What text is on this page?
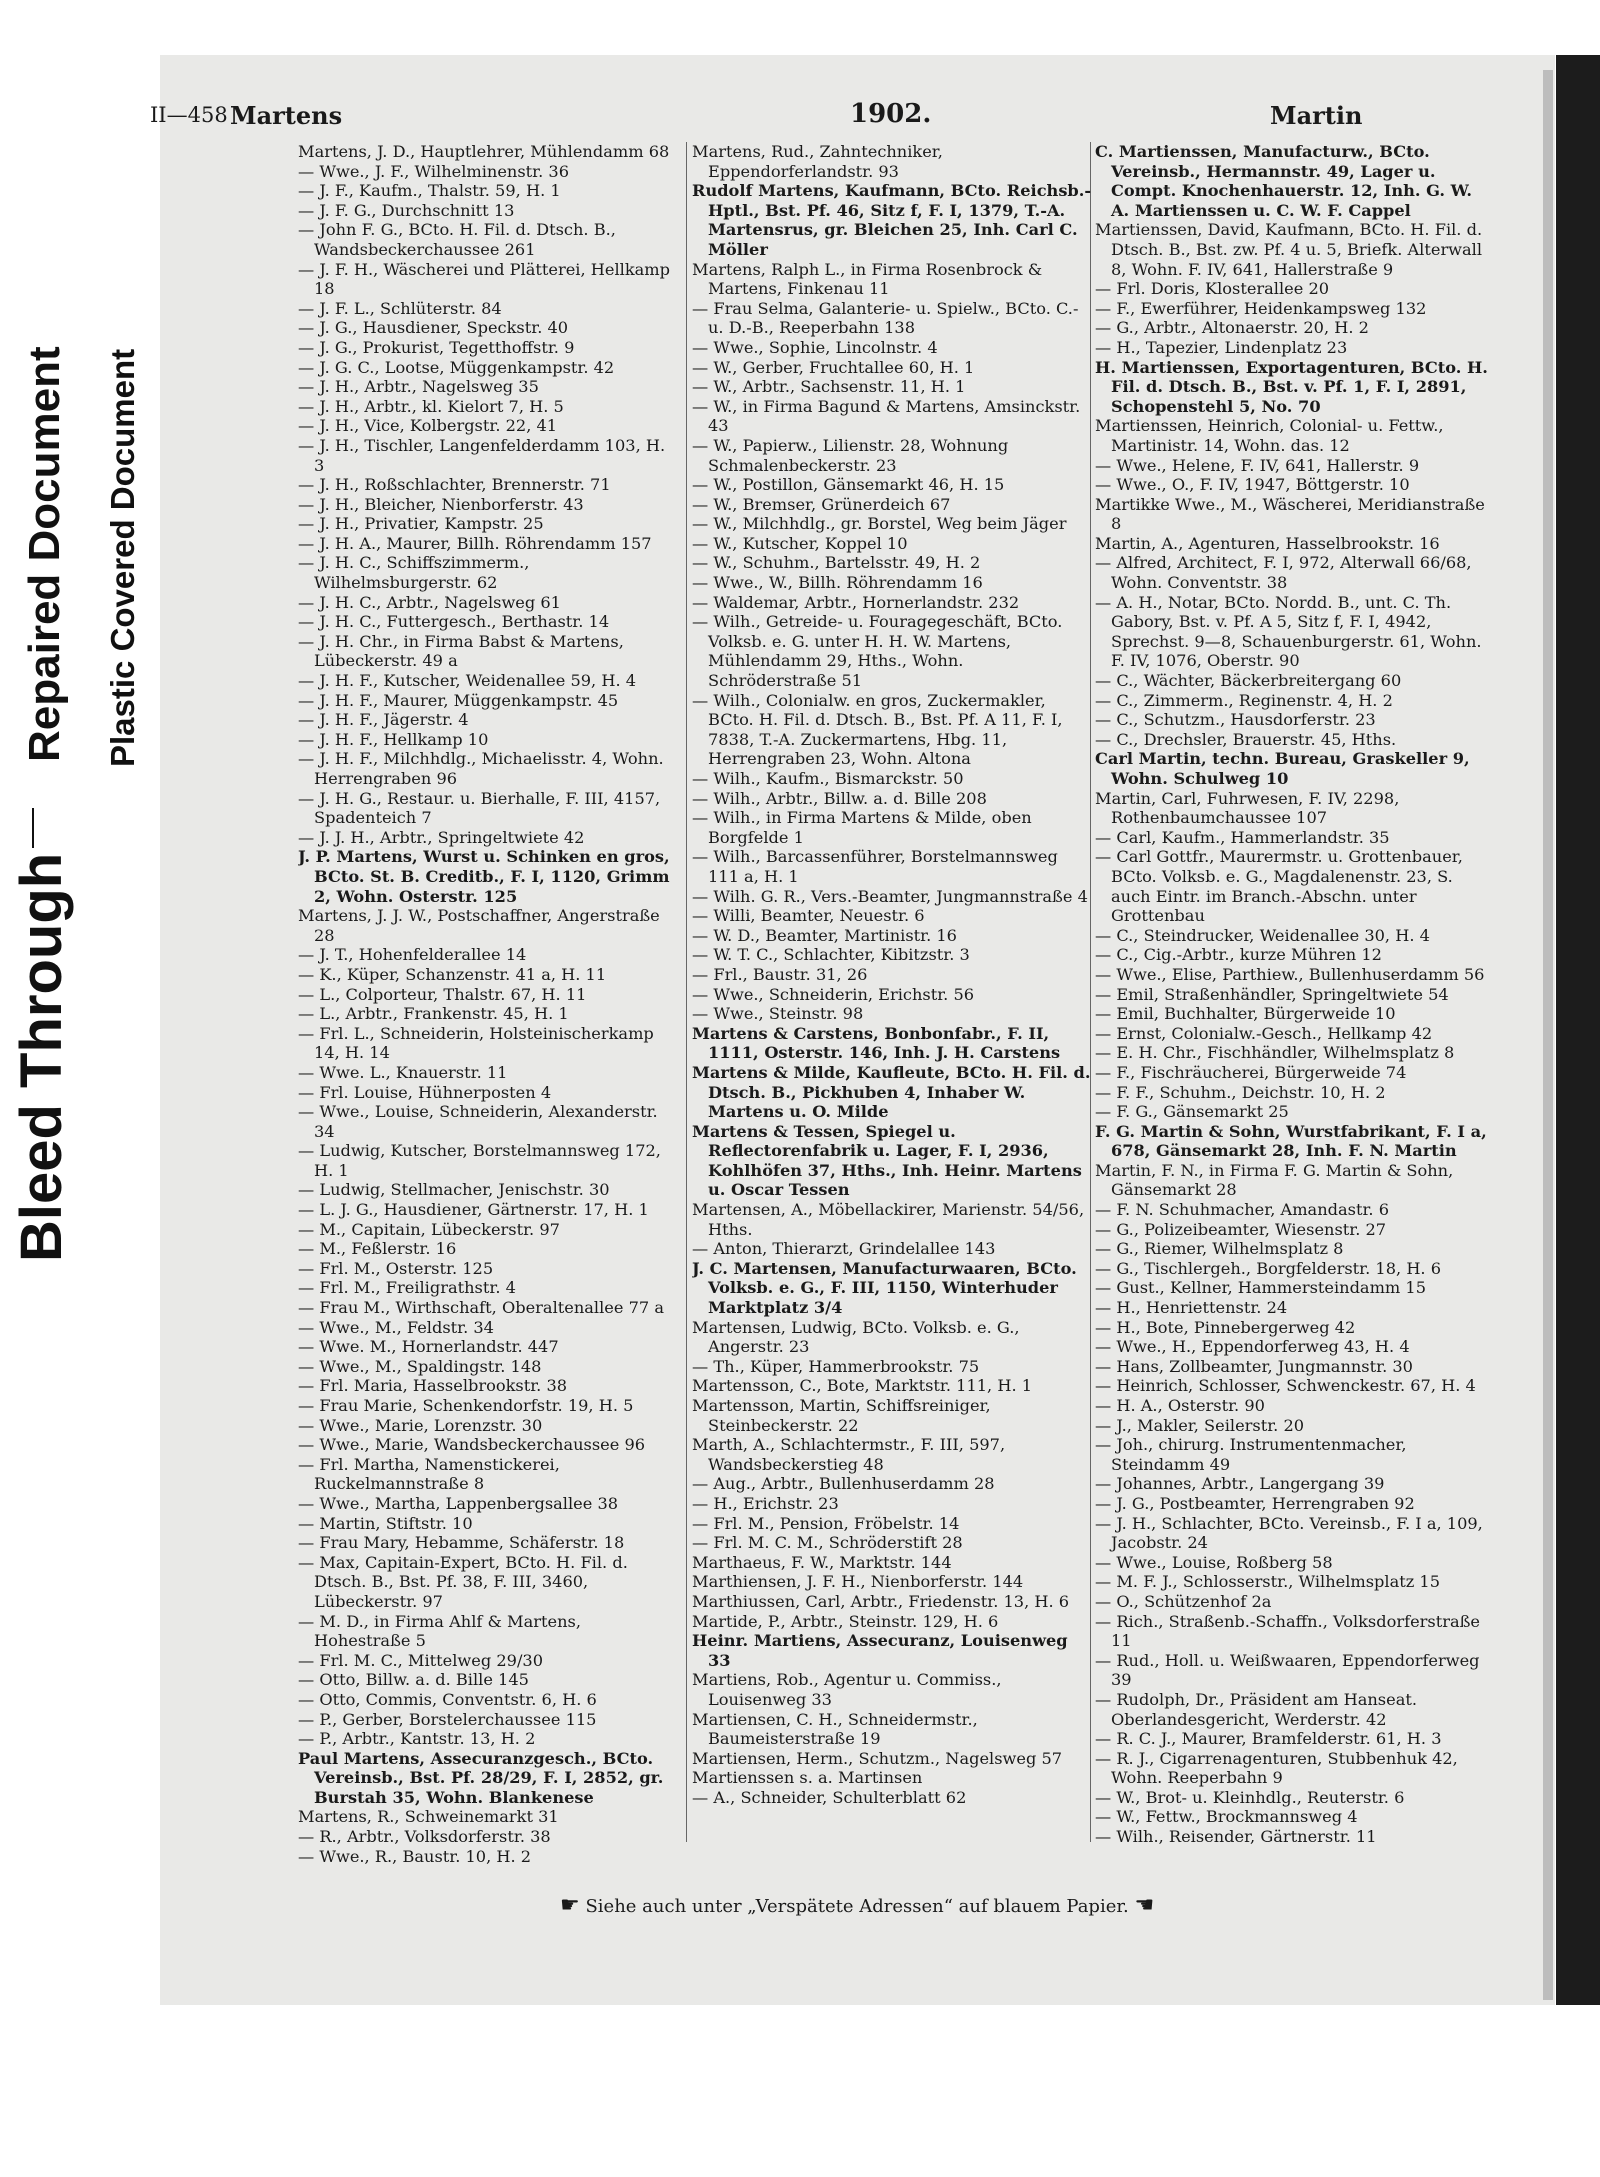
Bleed Through
Repaired Document Plastic Covered Document
II—458 Martens	1902.	Martin

Martens, J. D., Hauptlehrer, Mühlendamm 68

— Wwe., J. F., Wilhelminenstr. 36

— J. F., Kaufm., Thalstr. 59, H. 1

— J. F. G., Durchschnitt 13

— John F. G., BCto. H. Fil. d. Dtsch. B., Wandsbeckerchaussee 261

— J. F. H., Wäscherei und Plätterei, Hellkamp 18

— J. F. L., Schlüterstr. 84

— J. G., Hausdiener, Speckstr. 40

— J. G., Prokurist, Tegetthoffstr. 9

— J. G. C., Lootse, Müggenkampstr. 42

— J. H., Arbtr., Nagelsweg 35

— J. H., Arbtr., kl. Kielort 7, H. 5

— J. H., Vice, Kolbergstr. 22, 41

— J. H., Tischler, Langenfelderdamm 103, H. 3

— J. H., Roßschlachter, Brennerstr. 71

— J. H., Bleicher, Nienborferstr. 43

— J. H., Privatier, Kampstr. 25

— J. H. A., Maurer, Billh. Röhrendamm 157

— J. H. C., Schiffszimmerm., Wilhelmsburgerstr. 62

— J. H. C., Arbtr., Nagelsweg 61

— J. H. C., Futtergesch., Berthastr. 14

— J. H. Chr., in Firma Babst & Martens, Lübeckerstr. 49 a

— J. H. F., Kutscher, Weidenallee 59, H. 4

— J. H. F., Maurer, Müggenkampstr. 45

— J. H. F., Jägerstr. 4

— J. H. F., Hellkamp 10

— J. H. F., Milchhdlg., Michaelisstr. 4, Wohn. Herrengraben 96

— J. H. G., Restaur. u. Bierhalle, F. III, 4157, Spadenteich 7

— J. J. H., Arbtr., Springeltwiete 42

J. P. Martens, Wurst u. Schinken en gros, BCto. St. B. Creditb., F. I, 1120, Grimm 2, Wohn. Osterstr. 125

Martens, J. J. W., Postschaffner, Angerstraße 28

— J. T., Hohenfelderallee 14

— K., Küper, Schanzenstr. 41 a, H. 11

— L., Colporteur, Thalstr. 67, H. 11

— L., Arbtr., Frankenstr. 45, H. 1

— Frl. L., Schneiderin, Holsteinischerkamp 14, H. 14

— Wwe. L., Knauerstr. 11

— Frl. Louise, Hühnerposten 4

— Wwe., Louise, Schneiderin, Alexanderstr. 34

— Ludwig, Kutscher, Borstelmannsweg 172, H. 1

— Ludwig, Stellmacher, Jenischstr. 30

— L. J. G., Hausdiener, Gärtnerstr. 17, H. 1

— M., Capitain, Lübeckerstr. 97

— M., Feßlerstr. 16

— Frl. M., Osterstr. 125

— Frl. M., Freiligrathstr. 4

— Frau M., Wirthschaft, Oberaltenallee 77 a

— Wwe., M., Feldstr. 34

— Wwe. M., Hornerlandstr. 447

— Wwe., M., Spaldingstr. 148

— Frl. Maria, Hasselbrookstr. 38

— Frau Marie, Schenkendorfstr. 19, H. 5

— Wwe., Marie, Lorenzstr. 30

— Wwe., Marie, Wandsbeckerchaussee 96

— Frl. Martha, Namenstickerei, Ruckelmannstraße 8

— Wwe., Martha, Lappenbergsallee 38

— Martin, Stiftstr. 10

— Frau Mary, Hebamme, Schäferstr. 18

— Max, Capitain-Expert, BCto. H. Fil. d. Dtsch. B., Bst. Pf. 38, F. III, 3460, Lübeckerstr. 97

— M. D., in Firma Ahlf & Martens, Hohestraße 5

— Frl. M. C., Mittelweg 29/30

— Otto, Billw. a. d. Bille 145

— Otto, Commis, Conventstr. 6, H. 6

— P., Gerber, Borstelerchaussee 115

— P., Arbtr., Kantstr. 13, H. 2

Paul Martens, Assecuranzgesch., BCto. Vereinsb., Bst. Pf. 28/29, F. I, 2852, gr. Burstah 35, Wohn. Blankenese

Martens, R., Schweinemarkt 31

— R., Arbtr., Volksdorferstr. 38

— Wwe., R., Baustr. 10, H. 2

Martens, Rud., Zahntechniker, Eppendorferlandstr. 93

Rudolf Martens, Kaufmann, BCto. Reichsb.-Hptl., Bst. Pf. 46, Sitz f, F. I, 1379, T.-A. Martensrus, gr. Bleichen 25, Inh. Carl C. Möller

Martens, Ralph L., in Firma Rosenbrock & Martens, Finkenau 11

— Frau Selma, Galanterie- u. Spielw., BCto. C.- u. D.-B., Reeperbahn 138

— Wwe., Sophie, Lincolnstr. 4

— W., Gerber, Fruchtallee 60, H. 1

— W., Arbtr., Sachsenstr. 11, H. 1

— W., in Firma Bagund & Martens, Amsinckstr. 43

— W., Papierw., Lilienstr. 28, Wohnung Schmalenbeckerstr. 23

— W., Postillon, Gänsemarkt 46, H. 15

— W., Bremser, Grünerdeich 67

— W., Milchhdlg., gr. Borstel, Weg beim Jäger

— W., Kutscher, Koppel 10

— W., Schuhm., Bartelsstr. 49, H. 2

— Wwe., W., Billh. Röhrendamm 16

— Waldemar, Arbtr., Hornerlandstr. 232

— Wilh., Getreide- u. Fouragegeschäft, BCto. Volksb. e. G. unter H. H. W. Martens, Mühlendamm 29, Hths., Wohn. Schröderstraße 51

— Wilh., Colonialw. en gros, Zuckermakler, BCto. H. Fil. d. Dtsch. B., Bst. Pf. A 11, F. I, 7838, T.-A. Zuckermartens, Hbg. 11, Herrengraben 23, Wohn. Altona

— Wilh., Kaufm., Bismarckstr. 50

— Wilh., Arbtr., Billw. a. d. Bille 208

— Wilh., in Firma Martens & Milde, oben Borgfelde 1

— Wilh., Barcassenführer, Borstelmannsweg 111 a, H. 1

— Wilh. G. R., Vers.-Beamter, Jungmannstraße 4

— Willi, Beamter, Neuestr. 6

— W. D., Beamter, Martinistr. 16

— W. T. C., Schlachter, Kibitzstr. 3

— Frl., Baustr. 31, 26

— Wwe., Schneiderin, Erichstr. 56

— Wwe., Steinstr. 98

Martens & Carstens, Bonbonfabr., F. II, 1111, Osterstr. 146, Inh. J. H. Carstens

Martens & Milde, Kaufleute, BCto. H. Fil. d. Dtsch. B., Pickhuben 4, Inhaber W. Martens u. O. Milde

Martens & Tessen, Spiegel u. Reflectorenfabrik u. Lager, F. I, 2936, Kohlhöfen 37, Hths., Inh. Heinr. Martens u. Oscar Tessen

Martensen, A., Möbellackirer, Marienstr. 54/56, Hths.

— Anton, Thierarzt, Grindelallee 143

J. C. Martensen, Manufacturwaaren, BCto. Volksb. e. G., F. III, 1150, Winterhuder Marktplatz 3/4

Martensen, Ludwig, BCto. Volksb. e. G., Angerstr. 23

— Th., Küper, Hammerbrookstr. 75

Martensson, C., Bote, Marktstr. 111, H. 1

Martensson, Martin, Schiffsreiniger, Steinbeckerstr. 22

Marth, A., Schlachtermstr., F. III, 597, Wandsbeckerstieg 48

— Aug., Arbtr., Bullenhuserdamm 28

— H., Erichstr. 23

— Frl. M., Pension, Fröbelstr. 14

— Frl. M. C. M., Schröderstift 28

Marthaeus, F. W., Marktstr. 144

Marthiensen, J. F. H., Nienborferstr. 144

Marthiussen, Carl, Arbtr., Friedenstr. 13, H. 6

Martide, P., Arbtr., Steinstr. 129, H. 6

Heinr. Martiens, Assecuranz, Louisenweg 33

Martiens, Rob., Agentur u. Commiss., Louisenweg 33

Martiensen, C. H., Schneidermstr., Baumeisterstraße 19

Martiensen, Herm., Schutzm., Nagelsweg 57

Martienssen s. a. Martinsen

— A., Schneider, Schulterblatt 62

C. Martienssen, Manufacturw., BCto. Vereinsb., Hermannstr. 49, Lager u. Compt. Knochenhauerstr. 12, Inh. G. W. A. Martienssen u. C. W. F. Cappel

Martienssen, David, Kaufmann, BCto. H. Fil. d. Dtsch. B., Bst. zw. Pf. 4 u. 5, Briefk. Alterwall 8, Wohn. F. IV, 641, Hallerstraße 9

— Frl. Doris, Klosterallee 20

— F., Ewerführer, Heidenkampsweg 132

— G., Arbtr., Altonaerstr. 20, H. 2

— H., Tapezier, Lindenplatz 23

H. Martienssen, Exportagenturen, BCto. H. Fil. d. Dtsch. B., Bst. v. Pf. 1, F. I, 2891, Schopenstehl 5, No. 70

Martienssen, Heinrich, Colonial- u. Fettw., Martinistr. 14, Wohn. das. 12

— Wwe., Helene, F. IV, 641, Hallerstr. 9

— Wwe., O., F. IV, 1947, Böttgerstr. 10

Martikke Wwe., M., Wäscherei, Meridianstraße 8

Martin, A., Agenturen, Hasselbrookstr. 16

— Alfred, Architect, F. I, 972, Alterwall 66/68, Wohn. Conventstr. 38

— A. H., Notar, BCto. Nordd. B., unt. C. Th. Gabory, Bst. v. Pf. A 5, Sitz f, F. I, 4942, Sprechst. 9—8, Schauenburgerstr. 61, Wohn. F. IV, 1076, Oberstr. 90

— C., Wächter, Bäckerbreitergang 60

— C., Zimmerm., Reginenstr. 4, H. 2

— C., Schutzm., Hausdorferstr. 23

— C., Drechsler, Brauerstr. 45, Hths.

Carl Martin, techn. Bureau, Graskeller 9, Wohn. Schulweg 10

Martin, Carl, Fuhrwesen, F. IV, 2298, Rothenbaumchaussee 107

— Carl, Kaufm., Hammerlandstr. 35

— Carl Gottfr., Maurermstr. u. Grottenbauer, BCto. Volksb. e. G., Magdalenenstr. 23, S. auch Eintr. im Branch.-Abschn. unter Grottenbau

— C., Steindrucker, Weidenallee 30, H. 4

— C., Cig.-Arbtr., kurze Mühren 12

— Wwe., Elise, Parthiew., Bullenhuserdamm 56

— Emil, Straßenhändler, Springeltwiete 54

— Emil, Buchhalter, Bürgerweide 10

— Ernst, Colonialw.-Gesch., Hellkamp 42

— E. H. Chr., Fischhändler, Wilhelmsplatz 8

— F., Fischräucherei, Bürgerweide 74

— F. F., Schuhm., Deichstr. 10, H. 2

— F. G., Gänsemarkt 25

F. G. Martin & Sohn, Wurstfabrikant, F. I a, 678, Gänsemarkt 28, Inh. F. N. Martin

Martin, F. N., in Firma F. G. Martin & Sohn, Gänsemarkt 28

— F. N. Schuhmacher, Amandastr. 6

— G., Polizeibeamter, Wiesenstr. 27

— G., Riemer, Wilhelmsplatz 8

— G., Tischlergeh., Borgfelderstr. 18, H. 6

— Gust., Kellner, Hammersteindamm 15

— H., Henriettenstr. 24

— H., Bote, Pinnebergerweg 42

— Wwe., H., Eppendorferweg 43, H. 4

— Hans, Zollbeamter, Jungmannstr. 30

— Heinrich, Schlosser, Schwenckestr. 67, H. 4

— H. A., Osterstr. 90

— J., Makler, Seilerstr. 20

— Joh., chirurg. Instrumentenmacher, Steindamm 49

— Johannes, Arbtr., Langergang 39

— J. G., Postbeamter, Herrengraben 92

— J. H., Schlachter, BCto. Vereinsb., F. I a, 109, Jacobstr. 24

— Wwe., Louise, Roßberg 58

— M. F. J., Schlosserstr., Wilhelmsplatz 15

— O., Schützenhof 2a

— Rich., Straßenb.-Schaffn., Volksdorferstraße 11

— Rud., Holl. u. Weißwaaren, Eppendorferweg 39

— Rudolph, Dr., Präsident am Hanseat. Oberlandesgericht, Werderstr. 42

— R. C. J., Maurer, Bramfelderstr. 61, H. 3

— R. J., Cigarrenagenturen, Stubbenhuk 42, Wohn. Reeperbahn 9

— W., Brot- u. Kleinhdlg., Reuterstr. 6

— W., Fettw., Brockmannsweg 4

— Wilh., Reisender, Gärtnerstr. 11

☛ Siehe auch unter „Verspätete Adressen“ auf blauem Papier. ☚
